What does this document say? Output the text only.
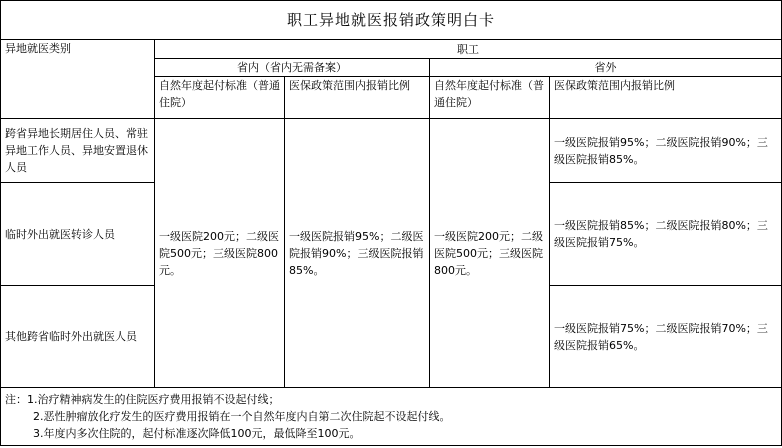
职工异地就医报销政策明白卡				
异地就医类别	职工			
	省内（省内无需备案）		省外	
	自然年度起付标准（普通住院）	医保政策范围内报销比例	自然年度起付标准（普通住院）	医保政策范围内报销比例
跨省异地长期居住人员、常驻异地工作人员、异地安置退休人员	一级医院200元；二级医院500元；三级医院800元。	一级医院报销95%；二级医院报销90%；三级医院报销85%。	一级医院200元；二级医院500元；三级医院800元。	一级医院报销95%；二级医院报销90%；三级医院报销85%。
临时外出就医转诊人员				一级医院报销85%；二级医院报销80%；三级医院报销75%。
其他跨省临时外出就医人员				一级医院报销75%；二级医院报销70%；三级医院报销65%。

注：1.治疗精神病发生的住院医疗费用报销不设起付线；
2.恶性肿瘤放化疗发生的医疗费用报销在一个自然年度内自第二次住院起不设起付线。
3.年度内多次住院的，起付标准逐次降低100元，最低降至100元。				
